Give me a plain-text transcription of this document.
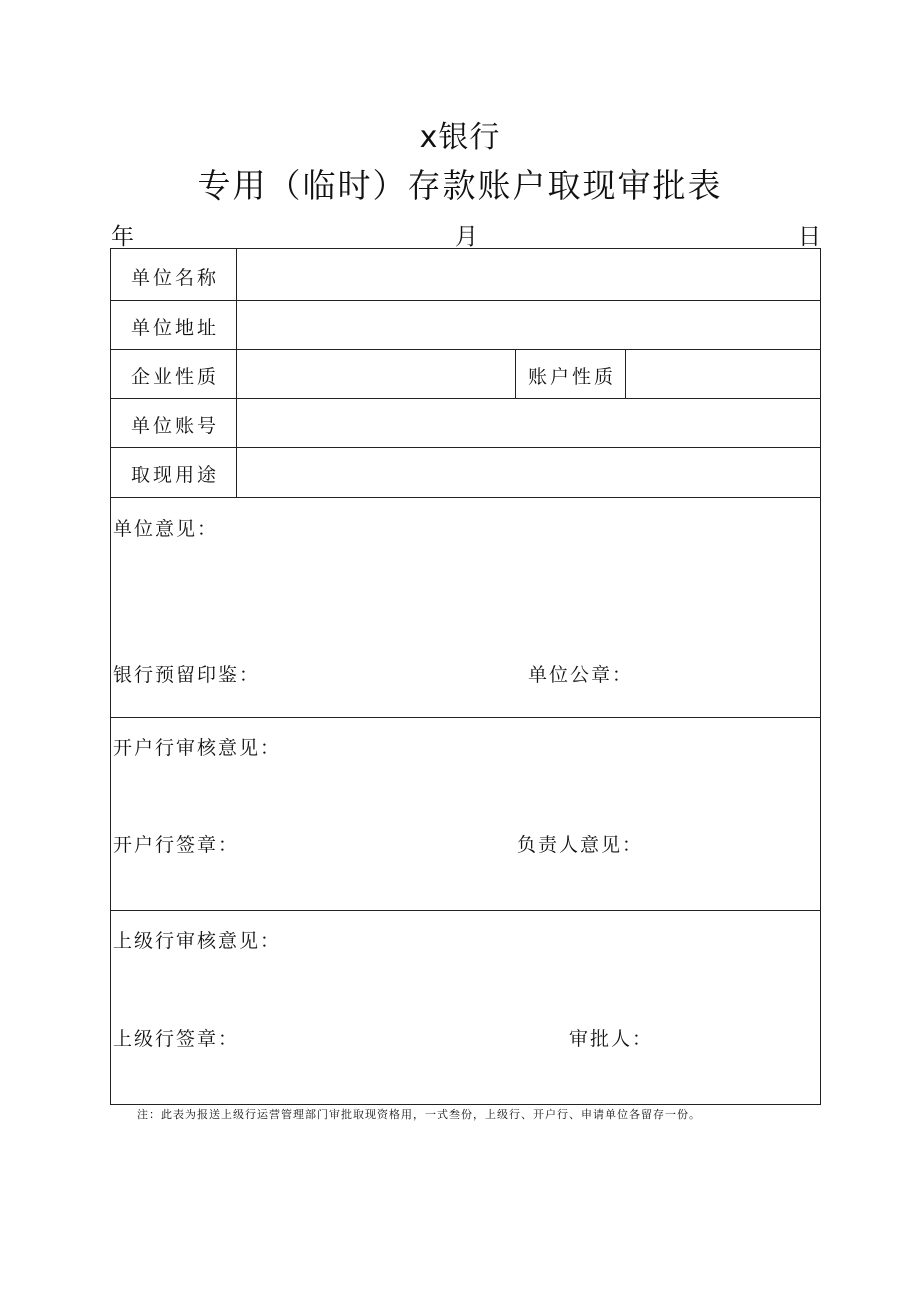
x银行
专用（临时）存款账户取现审批表
年	月	日
单位名称
单位地址
企业性质	账户性质
单位账号
取现用途
单位意见：
银行预留印鉴：	单位公章：
开户行审核意见：
开户行签章：	负责人意见：
上级行审核意见：
上级行签章：	审批人：
注：此表为报送上级行运营管理部门审批取现资格用，一式叁份，上级行、开户行、申请单位各留存一份。
